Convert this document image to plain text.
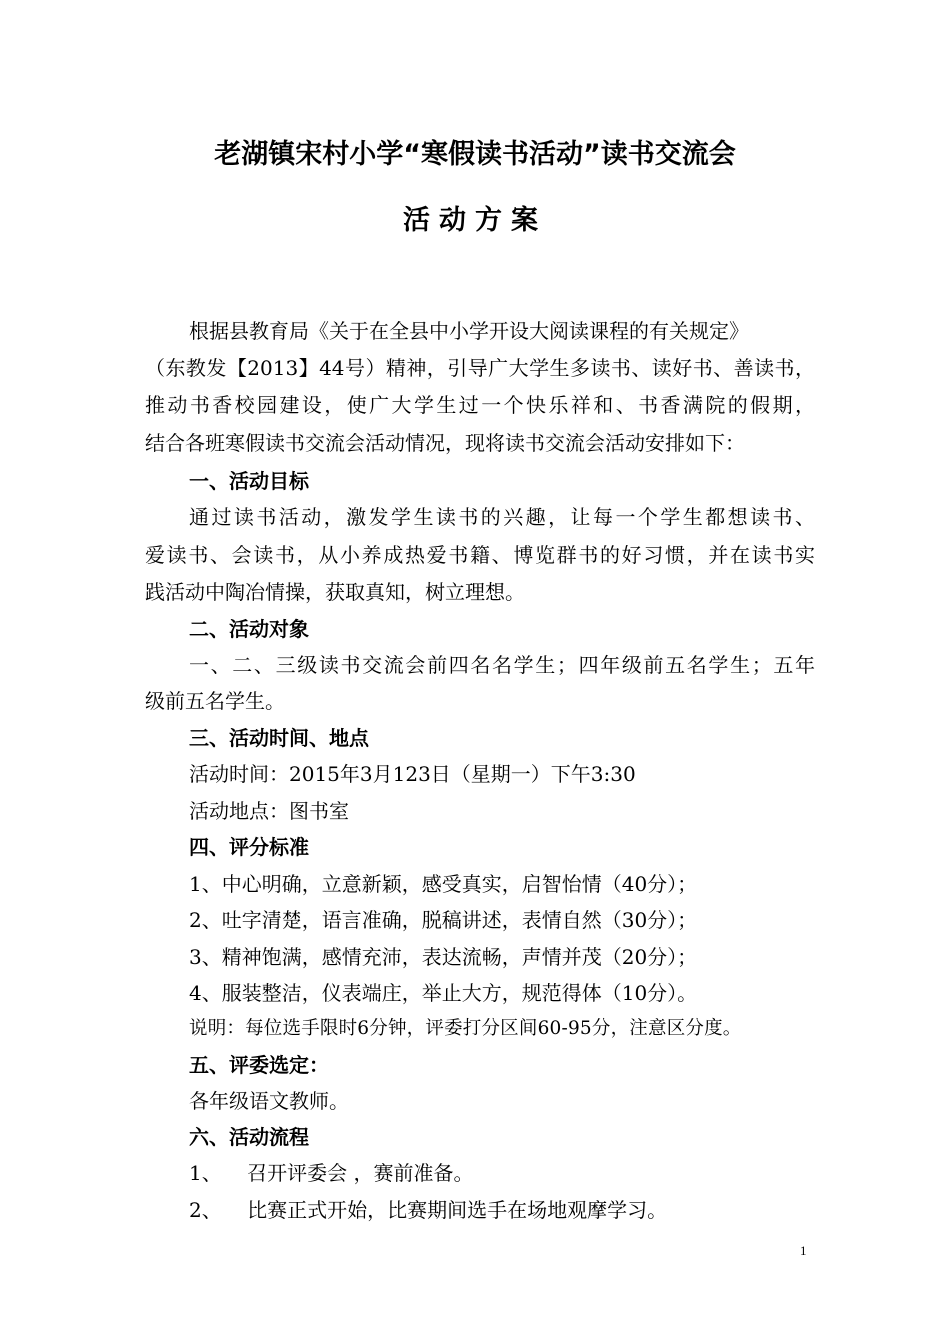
老湖镇宋村小学“寒假读书活动”读书交流会
活动方案

根据县教育局《关于在全县中小学开设大阅读课程的有关规定》

（东教发【2013】44号）精神，引导广大学生多读书、读好书、善读书，

推动书香校园建设，使广大学生过一个快乐祥和、书香满院的假期，

结合各班寒假读书交流会活动情况，现将读书交流会活动安排如下：

一、活动目标

通过读书活动，激发学生读书的兴趣，让每一个学生都想读书、

爱读书、会读书，从小养成热爱书籍、博览群书的好习惯，并在读书实

践活动中陶冶情操，获取真知，树立理想。

二、活动对象

一、二、三级读书交流会前四名名学生；四年级前五名学生；五年

级前五名学生。

三、活动时间、地点

活动时间：2015年3月123日（星期一）下午3:30

活动地点：图书室

四、评分标准

1、中心明确，立意新颖，感受真实，启智怡情（40分）；

2、吐字清楚，语言准确，脱稿讲述，表情自然（30分）；

3、精神饱满，感情充沛，表达流畅，声情并茂（20分）；

4、服装整洁，仪表端庄，举止大方，规范得体（10分）。

说明：每位选手限时6分钟，评委打分区间60-95分，注意区分度。

五、评委选定：

各年级语文教师。

六、活动流程

1、    召开评委会 ，赛前准备。

2、    比赛正式开始，比赛期间选手在场地观摩学习。

1
